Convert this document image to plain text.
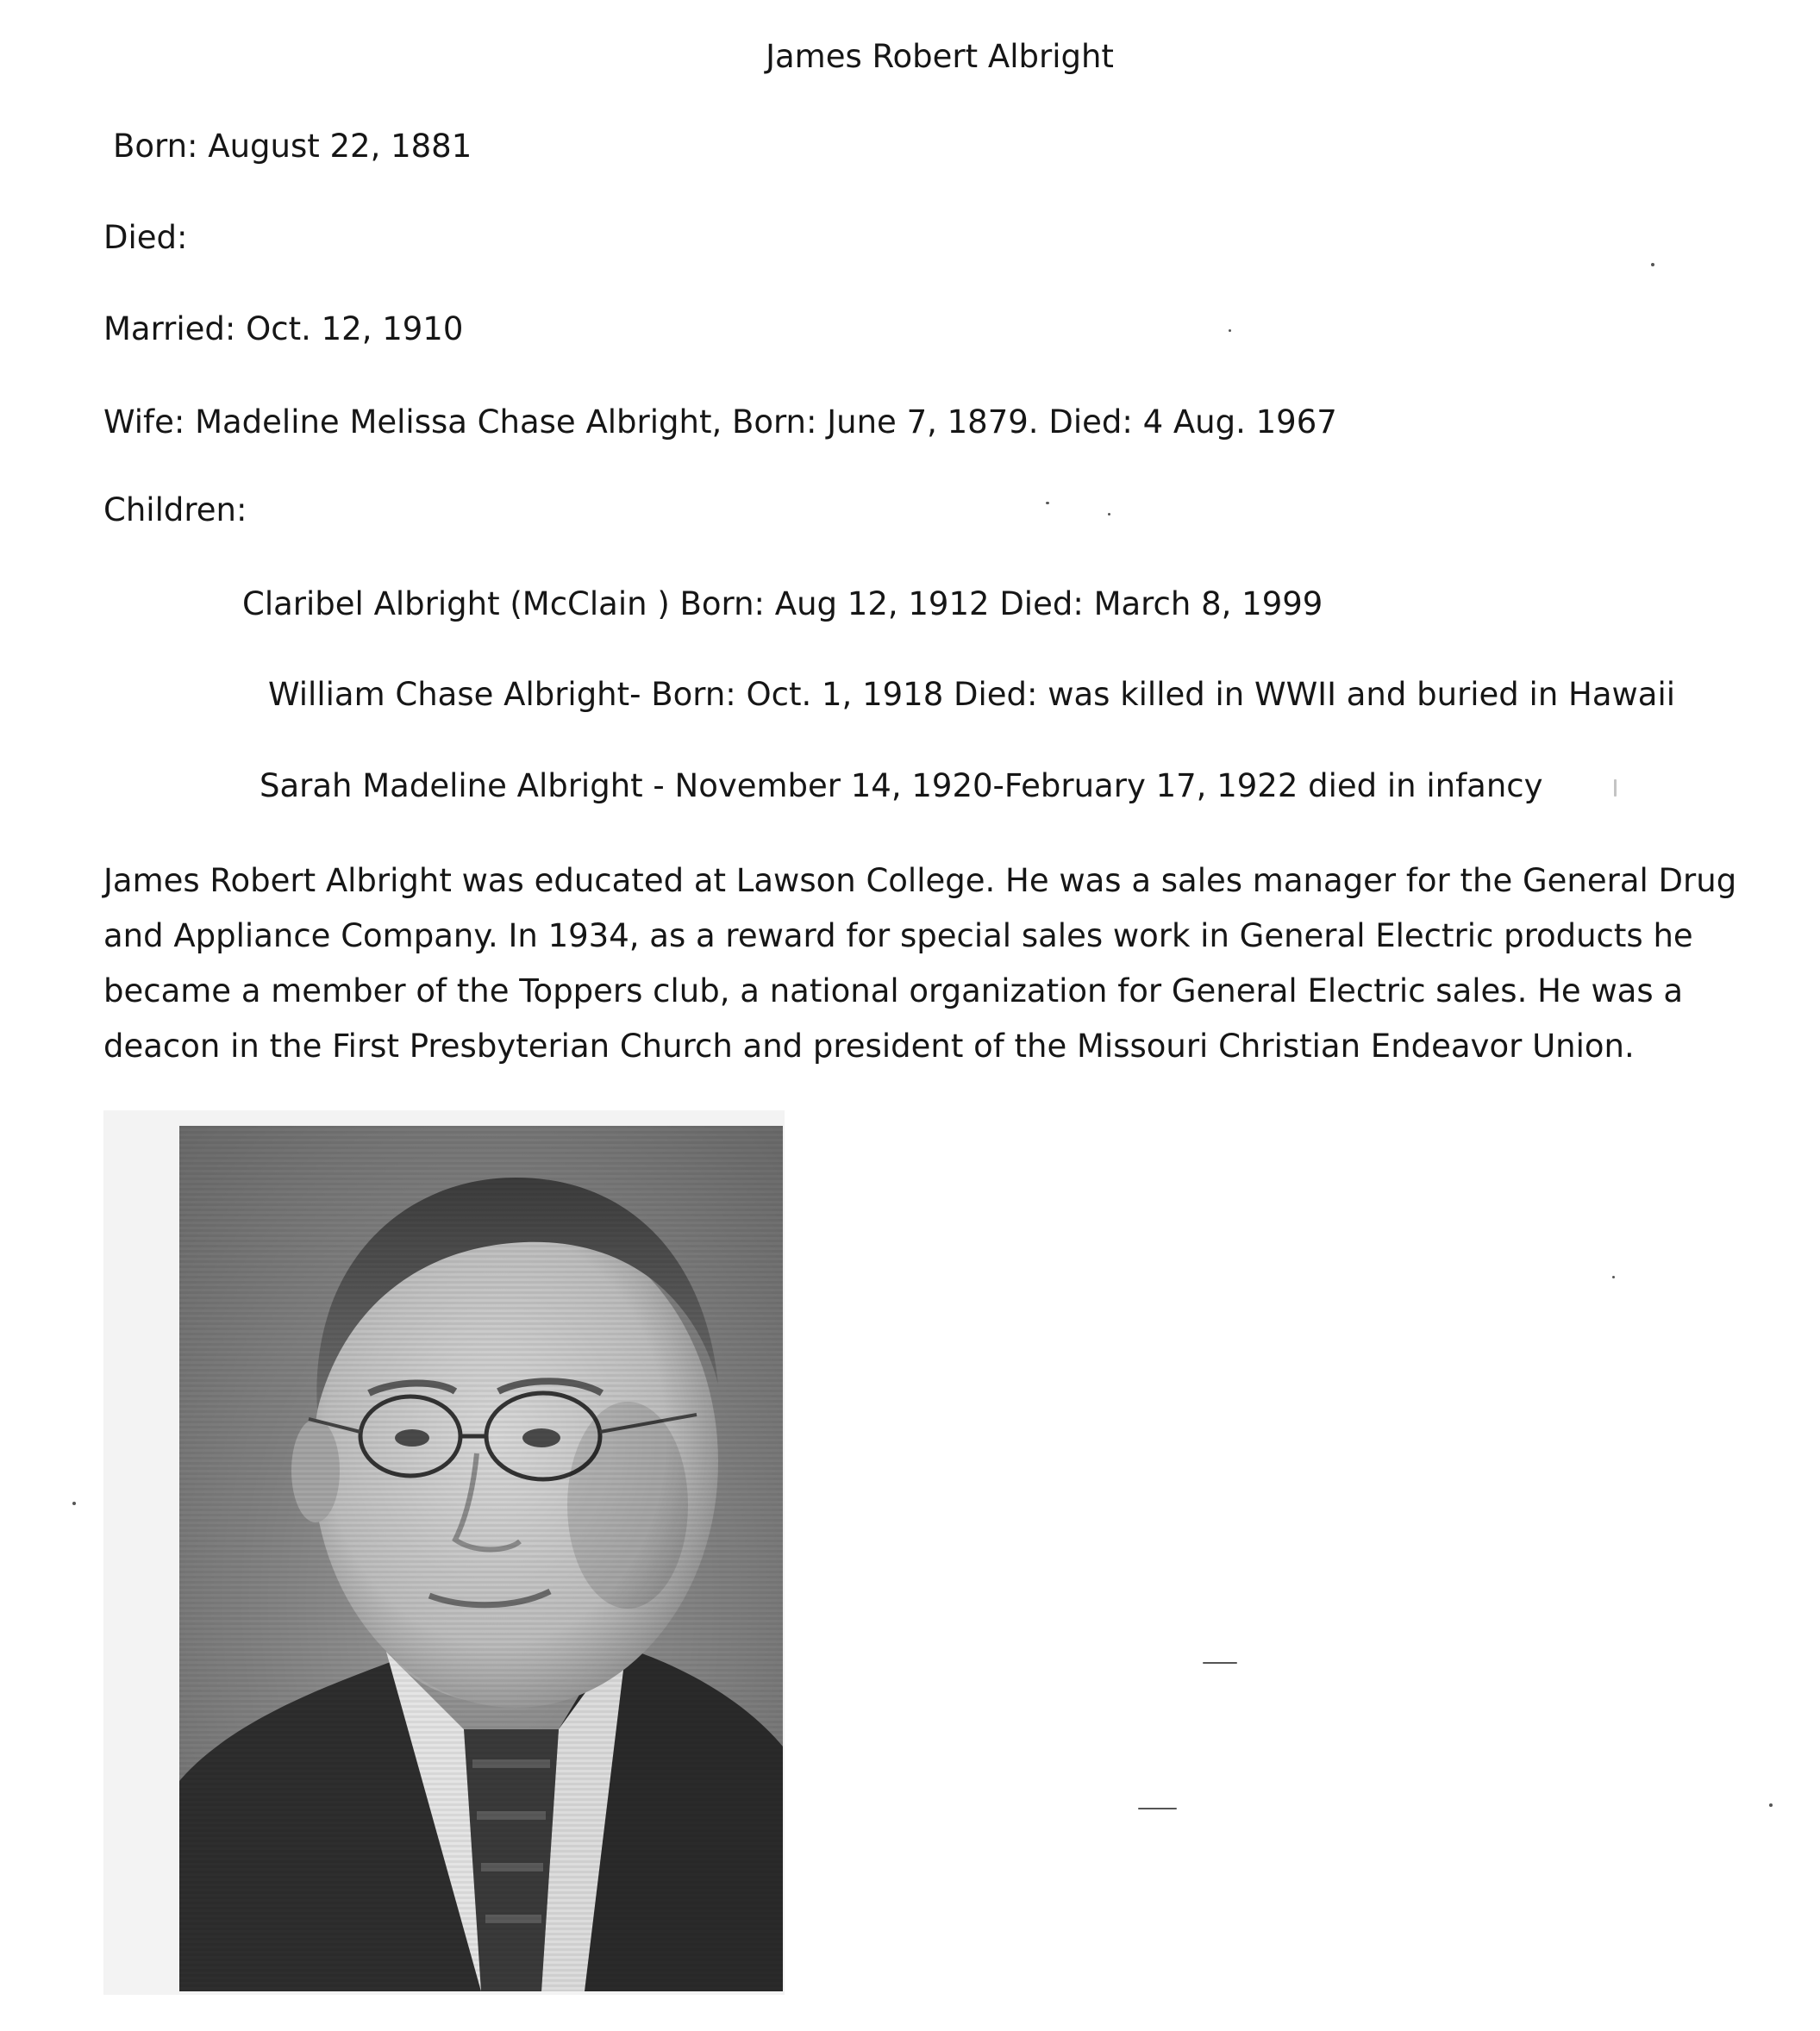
James Robert Albright
Born: August 22, 1881
Died:
Married: Oct. 12, 1910
Wife: Madeline Melissa Chase Albright, Born: June 7, 1879. Died: 4 Aug. 1967
Children:
Claribel Albright (McClain ) Born: Aug 12, 1912 Died: March 8, 1999
William Chase Albright- Born: Oct. 1, 1918 Died: was killed in WWII and buried in Hawaii
Sarah Madeline Albright - November 14, 1920-February 17, 1922 died in infancy
James Robert Albright was educated at Lawson College. He was a sales manager for the General Drug
and Appliance Company. In 1934, as a reward for special sales work in General Electric products he
became a member of the Toppers club, a national organization for General Electric sales. He was a
deacon in the First Presbyterian Church and president of the Missouri Christian Endeavor Union.
